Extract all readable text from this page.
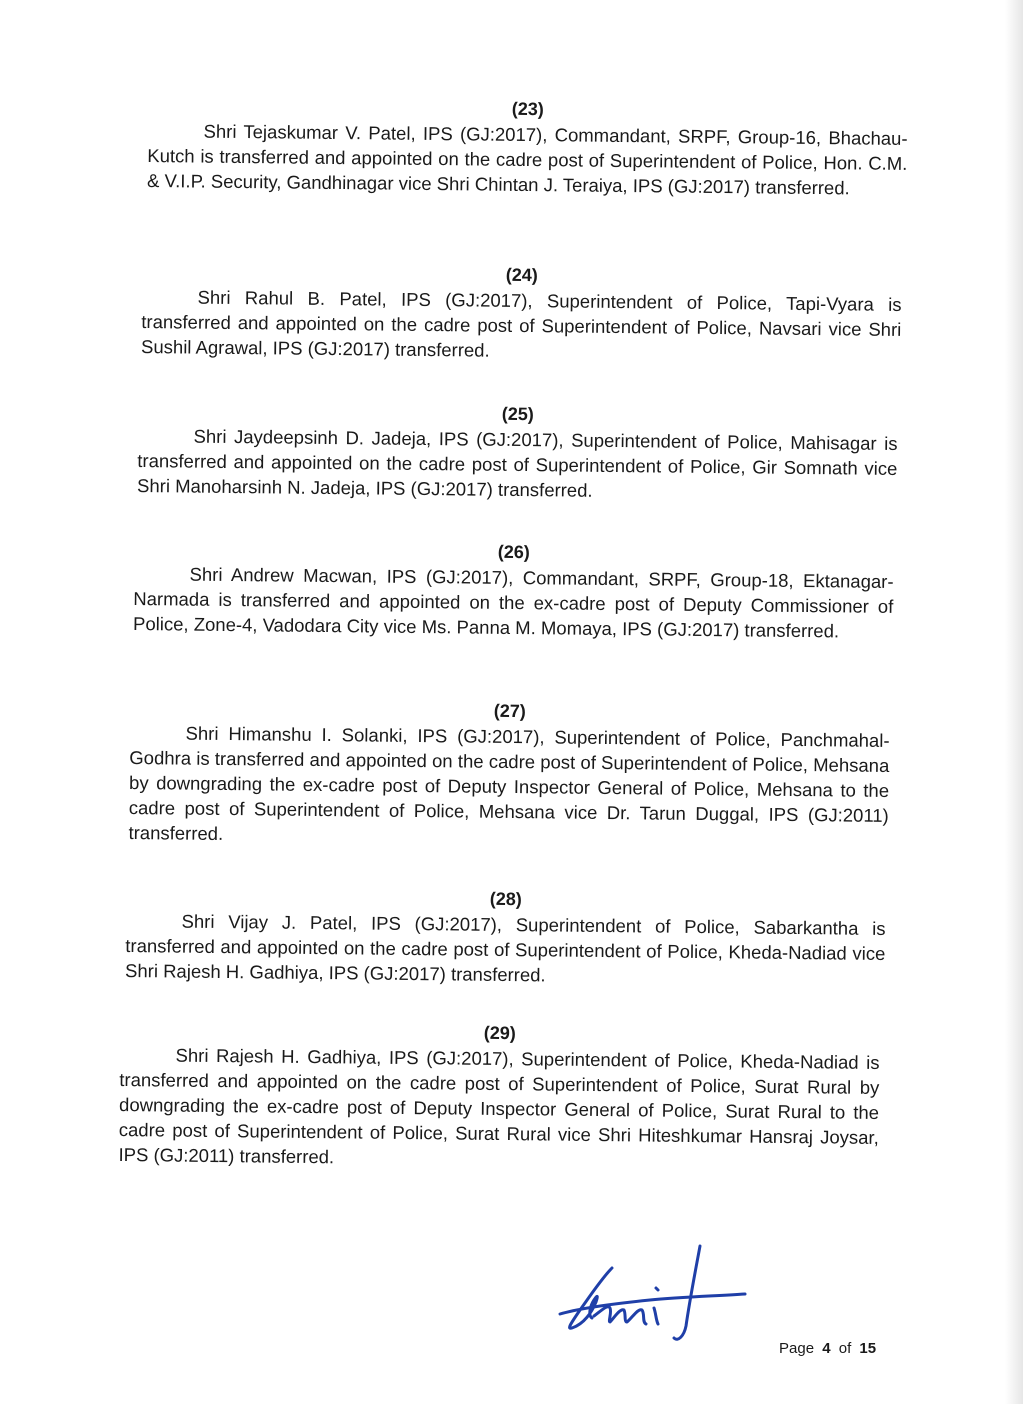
(23)

Shri Tejaskumar V. Patel, IPS (GJ:2017), Commandant, SRPF, Group-16, Bhachau-Kutch is transferred and appointed on the cadre post of Superintendent of Police, Hon. C.M. & V.I.P. Security, Gandhinagar vice Shri Chintan J. Teraiya, IPS (GJ:2017) transferred.

(24)

Shri Rahul B. Patel, IPS (GJ:2017), Superintendent of Police, Tapi-Vyara is transferred and appointed on the cadre post of Superintendent of Police, Navsari vice Shri Sushil Agrawal, IPS (GJ:2017) transferred.

(25)

Shri Jaydeepsinh D. Jadeja, IPS (GJ:2017), Superintendent of Police, Mahisagar is transferred and appointed on the cadre post of Superintendent of Police, Gir Somnath vice Shri Manoharsinh N. Jadeja, IPS (GJ:2017) transferred.

(26)

Shri Andrew Macwan, IPS (GJ:2017), Commandant, SRPF, Group-18, Ektanagar-Narmada is transferred and appointed on the ex-cadre post of Deputy Commissioner of Police, Zone-4, Vadodara City vice Ms. Panna M. Momaya, IPS (GJ:2017) transferred.

(27)

Shri Himanshu I. Solanki, IPS (GJ:2017), Superintendent of Police, Panchmahal-Godhra is transferred and appointed on the cadre post of Superintendent of Police, Mehsana by downgrading the ex-cadre post of Deputy Inspector General of Police, Mehsana to the cadre post of Superintendent of Police, Mehsana vice Dr. Tarun Duggal, IPS (GJ:2011) transferred.

(28)

Shri Vijay J. Patel, IPS (GJ:2017), Superintendent of Police, Sabarkantha is transferred and appointed on the cadre post of Superintendent of Police, Kheda-Nadiad vice Shri Rajesh H. Gadhiya, IPS (GJ:2017) transferred.

(29)

Shri Rajesh H. Gadhiya, IPS (GJ:2017), Superintendent of Police, Kheda-Nadiad is transferred and appointed on the cadre post of Superintendent of Police, Surat Rural by downgrading the ex-cadre post of Deputy Inspector General of Police, Surat Rural to the cadre post of Superintendent of Police, Surat Rural vice Shri Hiteshkumar Hansraj Joysar, IPS (GJ:2011) transferred.

Page 4 of 15
